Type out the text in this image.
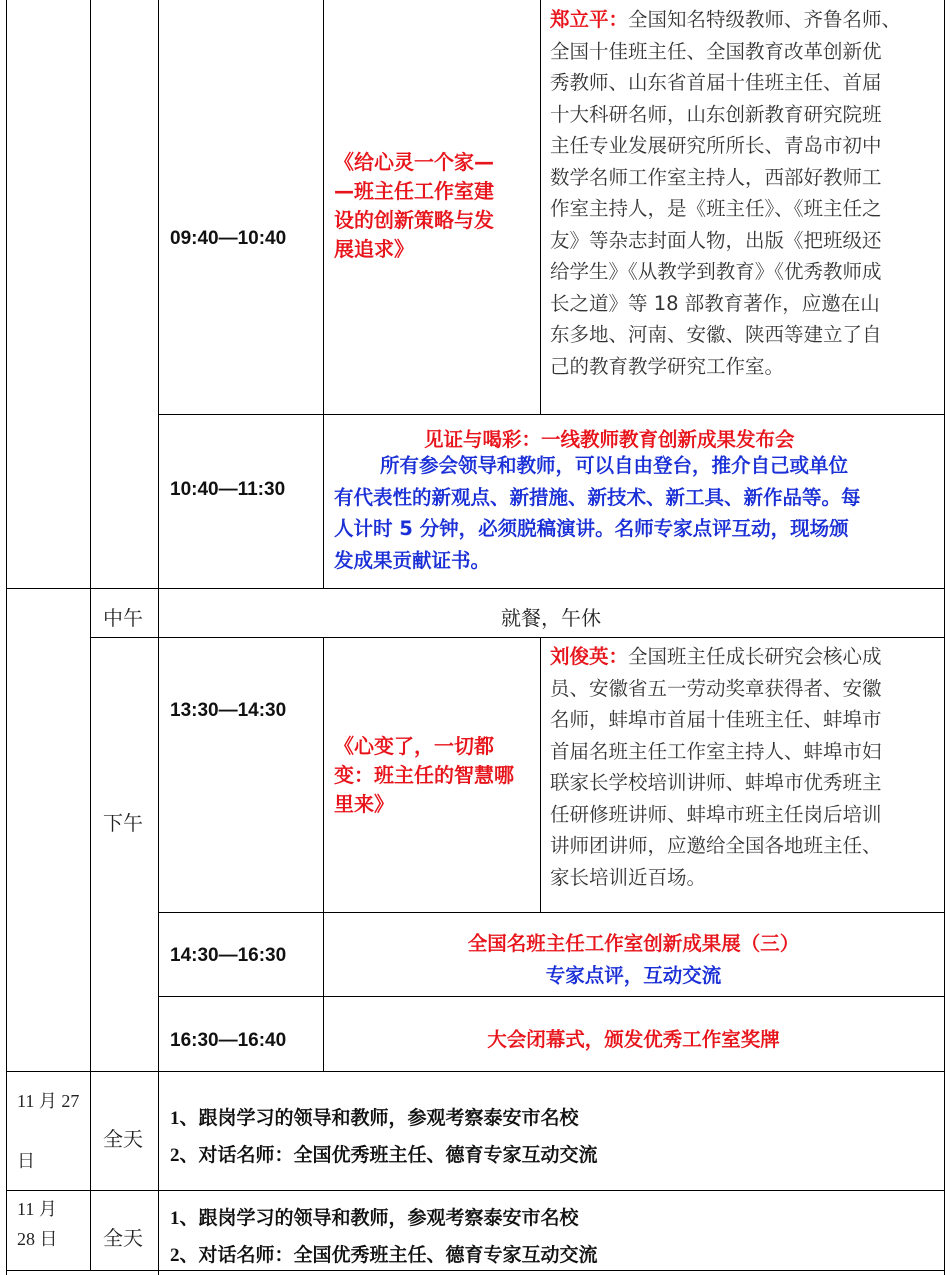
09:40—10:40
《给心灵一个家—
—班主任工作室建
设的创新策略与发
展追求》
郑立平：全国知名特级教师、齐鲁名师、
全国十佳班主任、全国教育改革创新优
秀教师、山东省首届十佳班主任、首届
十大科研名师，山东创新教育研究院班
主任专业发展研究所所长、青岛市初中
数学名师工作室主持人，西部好教师工
作室主持人，是《班主任》、《班主任之
友》等杂志封面人物，出版《把班级还
给学生》《从教学到教育》《优秀教师成
长之道》等 18 部教育著作，应邀在山
东多地、河南、安徽、陕西等建立了自
己的教育教学研究工作室。
10:40—11:30
见证与喝彩：一线教师教育创新成果发布会
所有参会领导和教师，可以自由登台，推介自己或单位
有代表性的新观点、新措施、新技术、新工具、新作品等。每
人计时 5 分钟，必须脱稿演讲。名师专家点评互动，现场颁
发成果贡献证书。
中午	就餐，午休
下午
13:30—14:30
《心变了，一切都
变：班主任的智慧哪
里来》
刘俊英：全国班主任成长研究会核心成
员、安徽省五一劳动奖章获得者、安徽
名师，蚌埠市首届十佳班主任、蚌埠市
首届名班主任工作室主持人、蚌埠市妇
联家长学校培训讲师、蚌埠市优秀班主
任研修班讲师、蚌埠市班主任岗后培训
讲师团讲师，应邀给全国各地班主任、
家长培训近百场。
14:30—16:30
全国名班主任工作室创新成果展（三）
专家点评，互动交流
16:30—16:40	大会闭幕式，颁发优秀工作室奖牌
11 月 27
日
全天
1、跟岗学习的领导和教师，参观考察泰安市名校
2、对话名师：全国优秀班主任、德育专家互动交流
11 月
28 日 全天
1、跟岗学习的领导和教师，参观考察泰安市名校
2、对话名师：全国优秀班主任、德育专家互动交流
